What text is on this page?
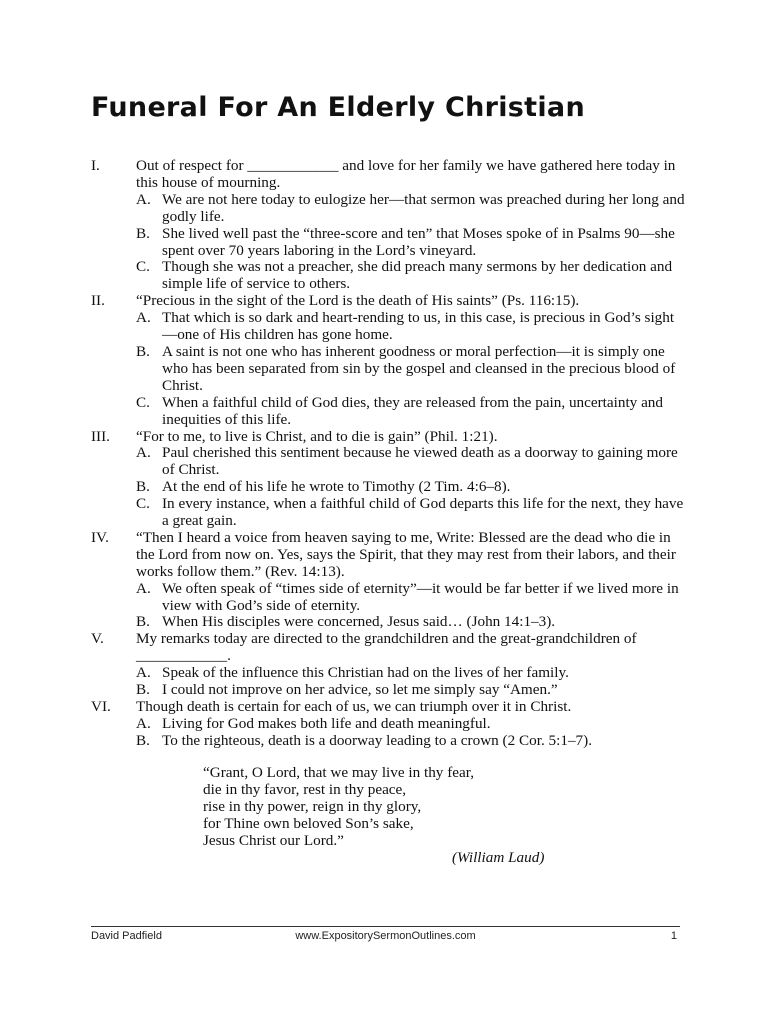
Funeral For An Elderly Christian
I.	Out of respect for ____________ and love for her family we have gathered here today in this house of mourning.
A. We are not here today to eulogize her—that sermon was preached during her long and godly life.
B. She lived well past the “three-score and ten” that Moses spoke of in Psalms 90—she spent over 70 years laboring in the Lord’s vineyard.
C. Though she was not a preacher, she did preach many sermons by her dedication and simple life of service to others.
II.	“Precious in the sight of the Lord is the death of His saints” (Ps. 116:15).
A. That which is so dark and heart-rending to us, in this case, is precious in God’s sight—one of His children has gone home.
B. A saint is not one who has inherent goodness or moral perfection—it is simply one who has been separated from sin by the gospel and cleansed in the precious blood of Christ.
C. When a faithful child of God dies, they are released from the pain, uncertainty and inequities of this life.
III.	“For to me, to live is Christ, and to die is gain” (Phil. 1:21).
A. Paul cherished this sentiment because he viewed death as a doorway to gaining more of Christ.
B. At the end of his life he wrote to Timothy (2 Tim. 4:6–8).
C. In every instance, when a faithful child of God departs this life for the next, they have a great gain.
IV.	“Then I heard a voice from heaven saying to me, Write: Blessed are the dead who die in the Lord from now on. Yes, says the Spirit, that they may rest from their labors, and their works follow them.” (Rev. 14:13).
A. We often speak of “times side of eternity”—it would be far better if we lived more in view with God’s side of eternity.
B. When His disciples were concerned, Jesus said… (John 14:1–3).
V.	My remarks today are directed to the grandchildren and the great-grandchildren of ____________.
A. Speak of the influence this Christian had on the lives of her family.
B. I could not improve on her advice, so let me simply say “Amen.”
VI.	Though death is certain for each of us, we can triumph over it in Christ.
A. Living for God makes both life and death meaningful.
B. To the righteous, death is a doorway leading to a crown (2 Cor. 5:1–7).
“Grant, O Lord, that we may live in thy fear,
die in thy favor, rest in thy peace,
rise in thy power, reign in thy glory,
for Thine own beloved Son’s sake,
Jesus Christ our Lord.”
(William Laud)
David Padfield	www.ExpositorySermonOutlines.com	1
